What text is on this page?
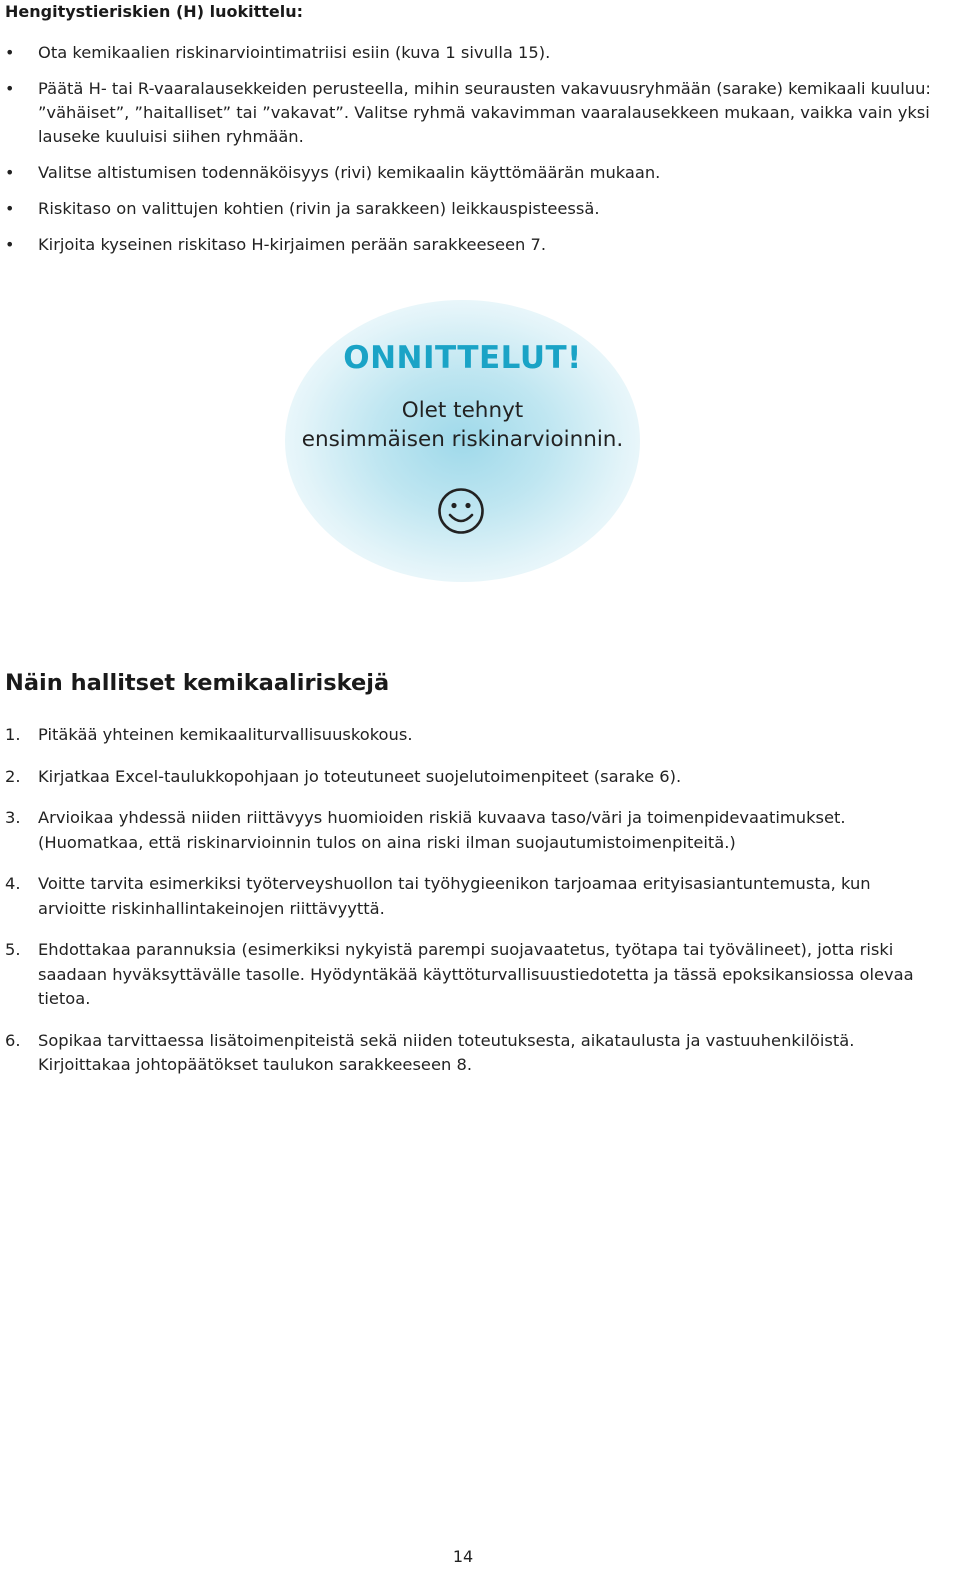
Hengitystieriskien (H) luokittelu:
• Ota kemikaalien riskinarviointimatriisi esiin (kuva 1 sivulla 15).
• Päätä H- tai R-vaaralausekkeiden perusteella, mihin seurausten vakavuusryhmään (sarake) kemikaali kuuluu: ”vähäiset”, ”haitalliset” tai ”vakavat”. Valitse ryhmä vakavimman vaaralausekkeen mukaan, vaikka vain yksi lauseke kuuluisi siihen ryhmään.
• Valitse altistumisen todennäköisyys (rivi) kemikaalin käyttömäärän mukaan.
• Riskitaso on valittujen kohtien (rivin ja sarakkeen) leikkauspisteessä.
• Kirjoita kyseinen riskitaso H-kirjaimen perään sarakkeeseen 7.
ONNITTELUT!
Olet tehnyt
ensimmäisen riskinarvioinnin.
Näin hallitset kemikaaliriskejä
1. Pitäkää yhteinen kemikaaliturvallisuuskokous.
2. Kirjatkaa Excel-taulukkopohjaan jo toteutuneet suojelutoimenpiteet (sarake 6).
3. Arvioikaa yhdessä niiden riittävyys huomioiden riskiä kuvaava taso/väri ja toimenpidevaatimukset. (Huomatkaa, että riskinarvioinnin tulos on aina riski ilman suojautumistoimenpiteitä.)
4. Voitte tarvita esimerkiksi työterveyshuollon tai työhygieenikon tarjoamaa erityisasiantuntemusta, kun arvioitte riskinhallintakeinojen riittävyyttä.
5. Ehdottakaa parannuksia (esimerkiksi nykyistä parempi suojavaatetus, työtapa tai työvälineet), jotta riski saadaan hyväksyttävälle tasolle. Hyödyntäkää käyttöturvallisuustiedotetta ja tässä epoksikansiossa olevaa tietoa.
6. Sopikaa tarvittaessa lisätoimenpiteistä sekä niiden toteutuksesta, aikataulusta ja vastuuhenkilöistä. Kirjoittakaa johtopäätökset taulukon sarakkeeseen 8.
14
